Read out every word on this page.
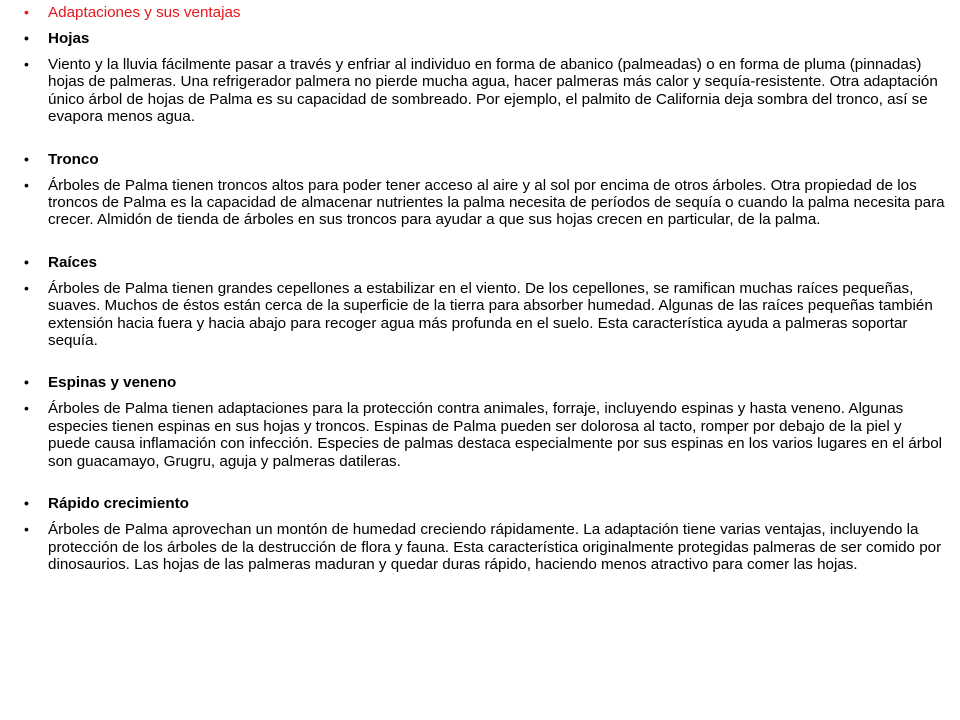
•	Adaptaciones y sus ventajas
•	Hojas
•	Viento y la lluvia fácilmente pasar a través y enfriar al individuo en forma de abanico (palmeadas) o en forma de pluma (pinnadas) hojas de palmeras. Una refrigerador palmera no pierde mucha agua, hacer palmeras más calor y sequía-resistente. Otra adaptación único árbol de hojas de Palma es su capacidad de sombreado. Por ejemplo, el palmito de California deja sombra del tronco, así se evapora menos agua.
•	Tronco
•	Árboles de Palma tienen troncos altos para poder tener acceso al aire y al sol por encima de otros árboles. Otra propiedad de los troncos de Palma es la capacidad de almacenar nutrientes la palma necesita de períodos de sequía o cuando la palma necesita para crecer. Almidón de tienda de árboles en sus troncos para ayudar a que sus hojas crecen en particular, de la palma.
•	Raíces
•	Árboles de Palma tienen grandes cepellones a estabilizar en el viento. De los cepellones, se ramifican muchas raíces pequeñas, suaves. Muchos de éstos están cerca de la superficie de la tierra para absorber humedad. Algunas de las raíces pequeñas también extensión hacia fuera y hacia abajo para recoger agua más profunda en el suelo. Esta característica ayuda a palmeras soportar sequía.
•	Espinas y veneno
•	Árboles de Palma tienen adaptaciones para la protección contra animales, forraje, incluyendo espinas y hasta veneno. Algunas especies tienen espinas en sus hojas y troncos. Espinas de Palma pueden ser dolorosa al tacto, romper por debajo de la piel y puede causa inflamación con infección. Especies de palmas destaca especialmente por sus espinas en los varios lugares en el árbol son guacamayo, Grugru, aguja y palmeras datileras.
•	Rápido crecimiento
•	Árboles de Palma aprovechan un montón de humedad creciendo rápidamente. La adaptación tiene varias ventajas, incluyendo la protección de los árboles de la destrucción de flora y fauna. Esta característica originalmente protegidas palmeras de ser comido por dinosaurios. Las hojas de las palmeras maduran y quedar duras rápido, haciendo menos atractivo para comer las hojas.
